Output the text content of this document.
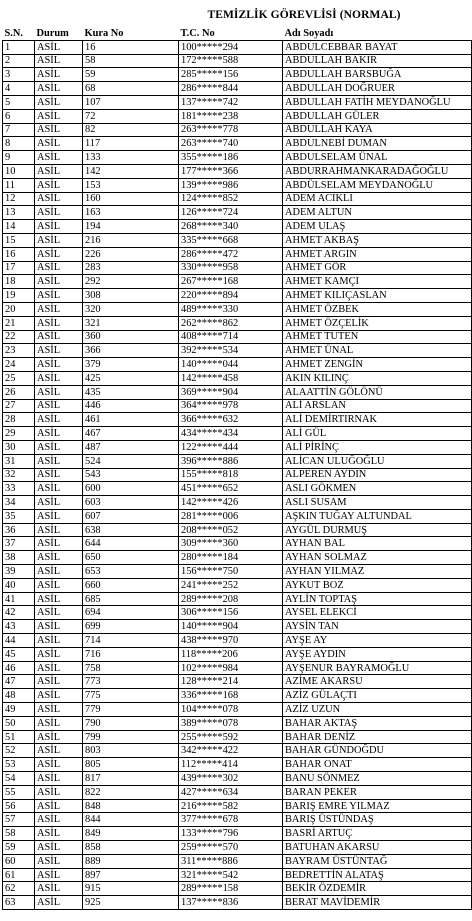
TEMİZLİK GÖREVLİSİ (NORMAL)
S.N.	Durum	Kura No	T.C. No	Adı Soyadı
1	ASİL	16	100*****294	ABDULCEBBAR BAYAT
2	ASİL	58	172*****588	ABDULLAH BAKIR
3	ASİL	59	285*****156	ABDULLAH BARSBUĞA
4	ASİL	68	286*****844	ABDULLAH DOĞRUER
5	ASİL	107	137*****742	ABDULLAH FATİH MEYDANOĞLU
6	ASİL	72	181*****238	ABDULLAH GÜLER
7	ASİL	82	263*****778	ABDULLAH KAYA
8	ASİL	117	263*****740	ABDULNEBİ DUMAN
9	ASİL	133	355*****186	ABDULSELAM ÜNAL
10	ASİL	142	177*****366	ABDURRAHMANKARADAĞOĞLU
11	ASİL	153	139*****986	ABDÜLSELAM MEYDANOĞLU
12	ASİL	160	124*****852	ADEM ACIKLI
13	ASİL	163	126*****724	ADEM ALTUN
14	ASİL	194	268*****340	ADEM ULAŞ
15	ASİL	216	335*****668	AHMET AKBAŞ
16	ASİL	226	286*****472	AHMET ARGIN
17	ASİL	283	330*****958	AHMET GÖR
18	ASİL	292	267*****168	AHMET KAMÇI
19	ASİL	308	220*****894	AHMET KILIÇASLAN
20	ASİL	320	489*****330	AHMET ÖZBEK
21	ASİL	321	262*****862	AHMET ÖZÇELİK
22	ASİL	360	408*****714	AHMET TUTEN
23	ASİL	366	392*****534	AHMET ÜNAL
24	ASİL	379	140*****044	AHMET ZENGİN
25	ASİL	425	142*****458	AKIN KILINÇ
26	ASİL	435	369*****904	ALAATTİN GÖLÖNÜ
27	ASİL	446	364*****978	ALİ ARSLAN
28	ASİL	461	366*****632	ALİ DEMİRTIRNAK
29	ASİL	467	434*****434	ALİ GÜL
30	ASİL	487	122*****444	ALİ PİRİNÇ
31	ASİL	524	396*****886	ALİCAN ULUĞOĞLU
32	ASİL	543	155*****818	ALPEREN AYDIN
33	ASİL	600	451*****652	ASLI GÖKMEN
34	ASİL	603	142*****426	ASLI SUSAM
35	ASİL	607	281*****006	AŞKIN TUĞAY ALTUNDAL
36	ASİL	638	208*****052	AYGÜL DURMUŞ
37	ASİL	644	309*****360	AYHAN BAL
38	ASİL	650	280*****184	AYHAN SOLMAZ
39	ASİL	653	156*****750	AYHAN YILMAZ
40	ASİL	660	241*****252	AYKUT BOZ
41	ASİL	685	289*****208	AYLİN TOPTAŞ
42	ASİL	694	306*****156	AYSEL ELEKCİ
43	ASİL	699	140*****904	AYSİN TAN
44	ASİL	714	438*****970	AYŞE AY
45	ASİL	716	118*****206	AYŞE AYDIN
46	ASİL	758	102*****984	AYŞENUR BAYRAMOĞLU
47	ASİL	773	128*****214	AZİME AKARSU
48	ASİL	775	336*****168	AZİZ GÜLAÇTI
49	ASİL	779	104*****078	AZİZ UZUN
50	ASİL	790	389*****078	BAHAR AKTAŞ
51	ASİL	799	255*****592	BAHAR DENİZ
52	ASİL	803	342*****422	BAHAR GÜNDOĞDU
53	ASİL	805	112*****414	BAHAR ONAT
54	ASİL	817	439*****302	BANU SÖNMEZ
55	ASİL	822	427*****634	BARAN PEKER
56	ASİL	848	216*****582	BARIŞ EMRE YILMAZ
57	ASİL	844	377*****678	BARIŞ ÜSTÜNDAŞ
58	ASİL	849	133*****796	BASRİ ARTUÇ
59	ASİL	858	259*****570	BATUHAN AKARSU
60	ASİL	889	311*****886	BAYRAM ÜSTÜNTAĞ
61	ASİL	897	321*****542	BEDRETTİN ALATAŞ
62	ASİL	915	289*****158	BEKİR ÖZDEMİR
63	ASİL	925	137*****836	BERAT MAVİDEMİR
